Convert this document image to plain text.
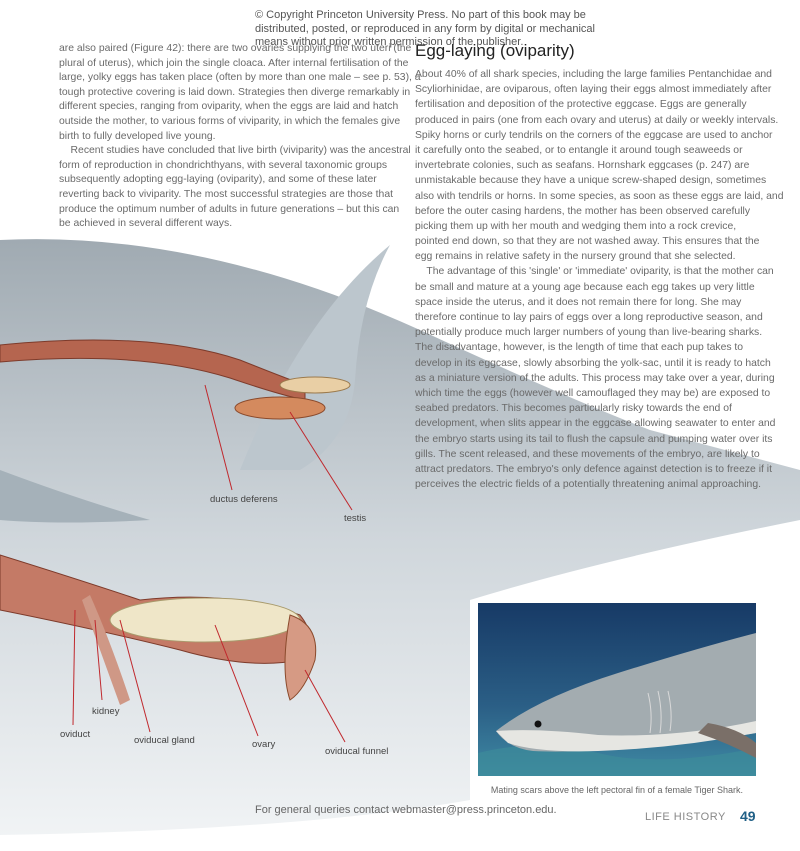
© Copyright Princeton University Press. No part of this book may be
distributed, posted, or reproduced in any form by digital or mechanical
means without prior written permission of the publisher.
are also paired (Figure 42): there are two ovaries supplying the two uteri (the
plural of uterus), which join the single cloaca. After internal fertilisation of the
large, yolky eggs has taken place (often by more than one male – see p. 53), a
tough protective covering is laid down. Strategies then diverge remarkably in
different species, ranging from oviparity, when the eggs are laid and hatch
outside the mother, to various forms of viviparity, in which the females give
birth to fully developed live young.
Recent studies have concluded that live birth (viviparity) was the ancestral
form of reproduction in chondrichthyans, with several taxonomic groups
subsequently adopting egg-laying (oviparity), and some of these later
reverting back to viviparity. The most successful strategies are those that
produce the optimum number of adults in future generations – but this can
be achieved in several different ways.
Egg-laying (oviparity)
About 40% of all shark species, including the large families Pentanchidae and
Scyliorhinidae, are oviparous, often laying their eggs almost immediately after
fertilisation and deposition of the protective eggcase. Eggs are generally
produced in pairs (one from each ovary and uterus) at daily or weekly intervals.
Spiky horns or curly tendrils on the corners of the eggcase are used to anchor
it carefully onto the seabed, or to entangle it around tough seaweeds or
invertebrate colonies, such as seafans. Hornshark eggcases (p. 247) are
unmistakable because they have a unique screw-shaped design, sometimes
also with tendrils or horns. In some species, as soon as these eggs are laid, and
before the outer casing hardens, the mother has been observed carefully
picking them up with her mouth and wedging them into a rock crevice,
pointed end down, so that they are not washed away. This ensures that the
egg remains in relative safety in the nursery ground that she selected.
The advantage of this 'single' or 'immediate' oviparity, is that the mother can
be small and mature at a young age because each egg takes up very little
space inside the uterus, and it does not remain there for long. She may
therefore continue to lay pairs of eggs over a long reproductive season, and
potentially produce much larger numbers of young than live-bearing sharks.
The disadvantage, however, is the length of time that each pup takes to
develop in its eggcase, slowly absorbing the yolk-sac, until it is ready to hatch
as a miniature version of the adults. This process may take over a year, during
which time the eggs (however well camouflaged they may be) are exposed to
seabed predators. This becomes particularly risky towards the end of
development, when slits appear in the eggcase allowing seawater to enter and
the embryo starts using its tail to flush the capsule and pumping water over its
gills. The scent released, and these movements of the embryo, are likely to
attract predators. The embryo's only defence against detection is to freeze if it
perceives the electric fields of a potentially threatening animal approaching.
ductus deferens
testis
kidney
oviduct
oviducal gland	ovary
oviducal funnel
Mating scars above the left pectoral fin of a female Tiger Shark.
For general queries contact webmaster@press.princeton.edu.
LIFE HISTORY 49
